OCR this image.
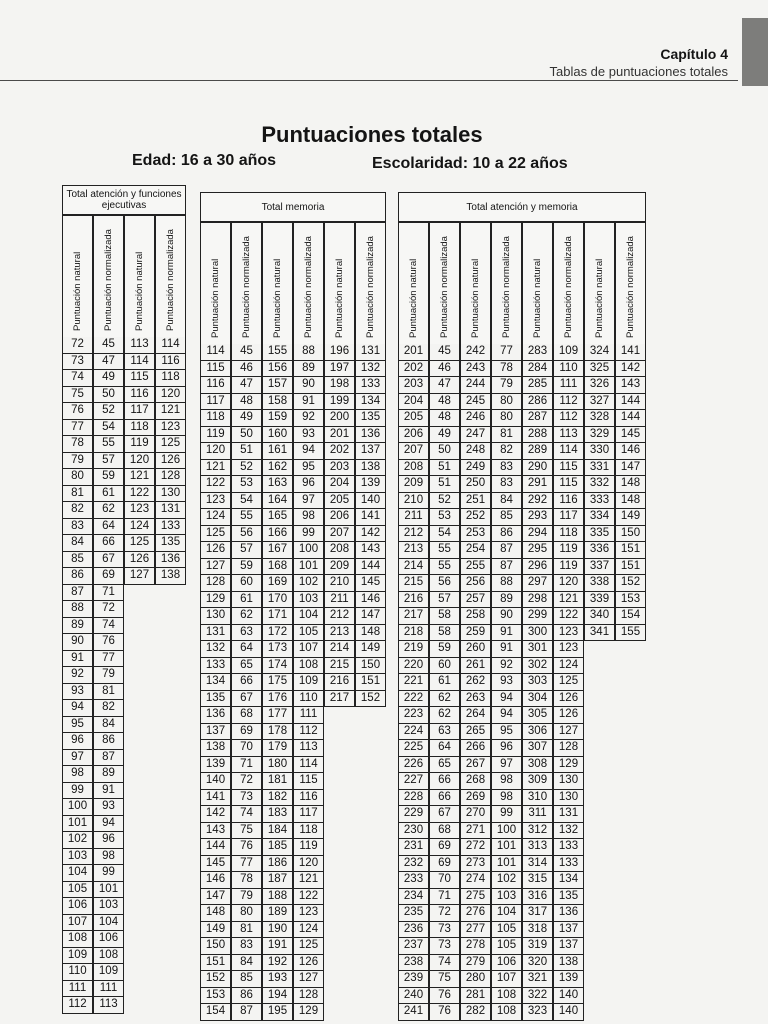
Capítulo 4
Tablas de puntuaciones totales
Puntuaciones totales
Edad: 16 a 30 años	Escolaridad: 10 a 22 años
Total atención y funciones ejecutivas
Puntuación natural
72
73
74
75
76
77
78
79
80
81
82
83
84
85
86
87
88
89
90
91
92
93
94
95
96
97
98
99
100
101
102
103
104
105
106
107
108
109
110
111
112
Puntuación normalizada
45
47
49
50
52
54
55
57
59
61
62
64
66
67
69
71
72
74
76
77
79
81
82
84
86
87
89
91
93
94
96
98
99
101
103
104
106
108
109
111
113
Puntuación natural
113
114
115
116
117
118
119
120
121
122
123
124
125
126
127
Puntuación normalizada
114
116
118
120
121
123
125
126
128
130
131
133
135
136
138
Total memoria
Puntuación natural
114
115
116
117
118
119
120
121
122
123
124
125
126
127
128
129
130
131
132
133
134
135
136
137
138
139
140
141
142
143
144
145
146
147
148
149
150
151
152
153
154
Puntuación normalizada
45
46
47
48
49
50
51
52
53
54
55
56
57
59
60
61
62
63
64
65
66
67
68
69
70
71
72
73
74
75
76
77
78
79
80
81
83
84
85
86
87
Puntuación natural
155
156
157
158
159
160
161
162
163
164
165
166
167
168
169
170
171
172
173
174
175
176
177
178
179
180
181
182
183
184
185
186
187
188
189
190
191
192
193
194
195
Puntuación normalizada
88
89
90
91
92
93
94
95
96
97
98
99
100
101
102
103
104
105
107
108
109
110
111
112
113
114
115
116
117
118
119
120
121
122
123
124
125
126
127
128
129
Puntuación natural
196
197
198
199
200
201
202
203
204
205
206
207
208
209
210
211
212
213
214
215
216
217
Puntuación normalizada
131
132
133
134
135
136
137
138
139
140
141
142
143
144
145
146
147
148
149
150
151
152
Total atención y memoria
Puntuación natural
201
202
203
204
205
206
207
208
209
210
211
212
213
214
215
216
217
218
219
220
221
222
223
224
225
226
227
228
229
230
231
232
233
234
235
236
237
238
239
240
241
Puntuación normalizada
45
46
47
48
48
49
50
51
51
52
53
54
55
55
56
57
58
58
59
60
61
62
62
63
64
65
66
66
67
68
69
69
70
71
72
73
73
74
75
76
76
Puntuación natural
242
243
244
245
246
247
248
249
250
251
252
253
254
255
256
257
258
259
260
261
262
263
264
265
266
267
268
269
270
271
272
273
274
275
276
277
278
279
280
281
282
Puntuación normalizada
77
78
79
80
80
81
82
83
83
84
85
86
87
87
88
89
90
91
91
92
93
94
94
95
96
97
98
98
99
100
101
101
102
103
104
105
105
106
107
108
108
Puntuación natural
283
284
285
286
287
288
289
290
291
292
293
294
295
296
297
298
299
300
301
302
303
304
305
306
307
308
309
310
311
312
313
314
315
316
317
318
319
320
321
322
323
Puntuación normalizada
109
110
111
112
112
113
114
115
115
116
117
118
119
119
120
121
122
123
123
124
125
126
126
127
128
129
130
130
131
132
133
133
134
135
136
137
137
138
139
140
140
Puntuación natural
324
325
326
327
328
329
330
331
332
333
334
335
336
337
338
339
340
341
Puntuación normalizada
141
142
143
144
144
145
146
147
148
148
149
150
151
151
152
153
154
155
